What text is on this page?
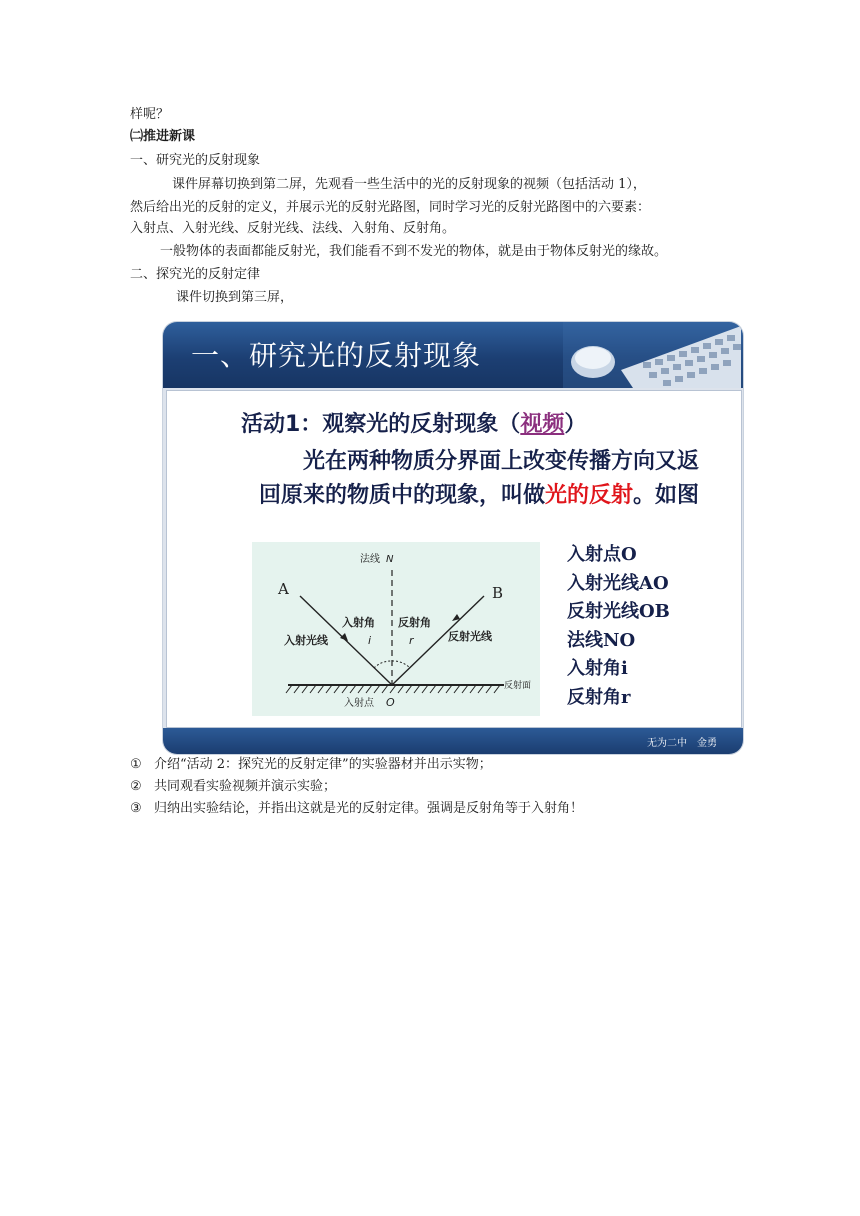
样呢？
㈡推进新课
一、研究光的反射现象
课件屏幕切换到第二屏，先观看一些生活中的光的反射现象的视频（包括活动 1），
然后给出光的反射的定义，并展示光的反射光路图，同时学习光的反射光路图中的六要素：
入射点、入射光线、反射光线、法线、入射角、反射角。
一般物体的表面都能反射光，我们能看不到不发光的物体，就是由于物体反射光的缘故。
二、探究光的反射定律
课件切换到第三屏，
一、研究光的反射现象
活动1：观察光的反射现象（视频）
光在两种物质分界面上改变传播方向又返回原来的物质中的现象，叫做光的反射。如图
法线 N
A	B
入射角
i
反射角
r
入射光线	反射光线
反射面
入射点 O
入射点O
入射光线AO
反射光线OB
法线NO
入射角i
反射角r
无为二中　金勇
① 介绍“活动 2：探究光的反射定律”的实验器材并出示实物；
② 共同观看实验视频并演示实验；
③ 归纳出实验结论，并指出这就是光的反射定律。强调是反射角等于入射角！
